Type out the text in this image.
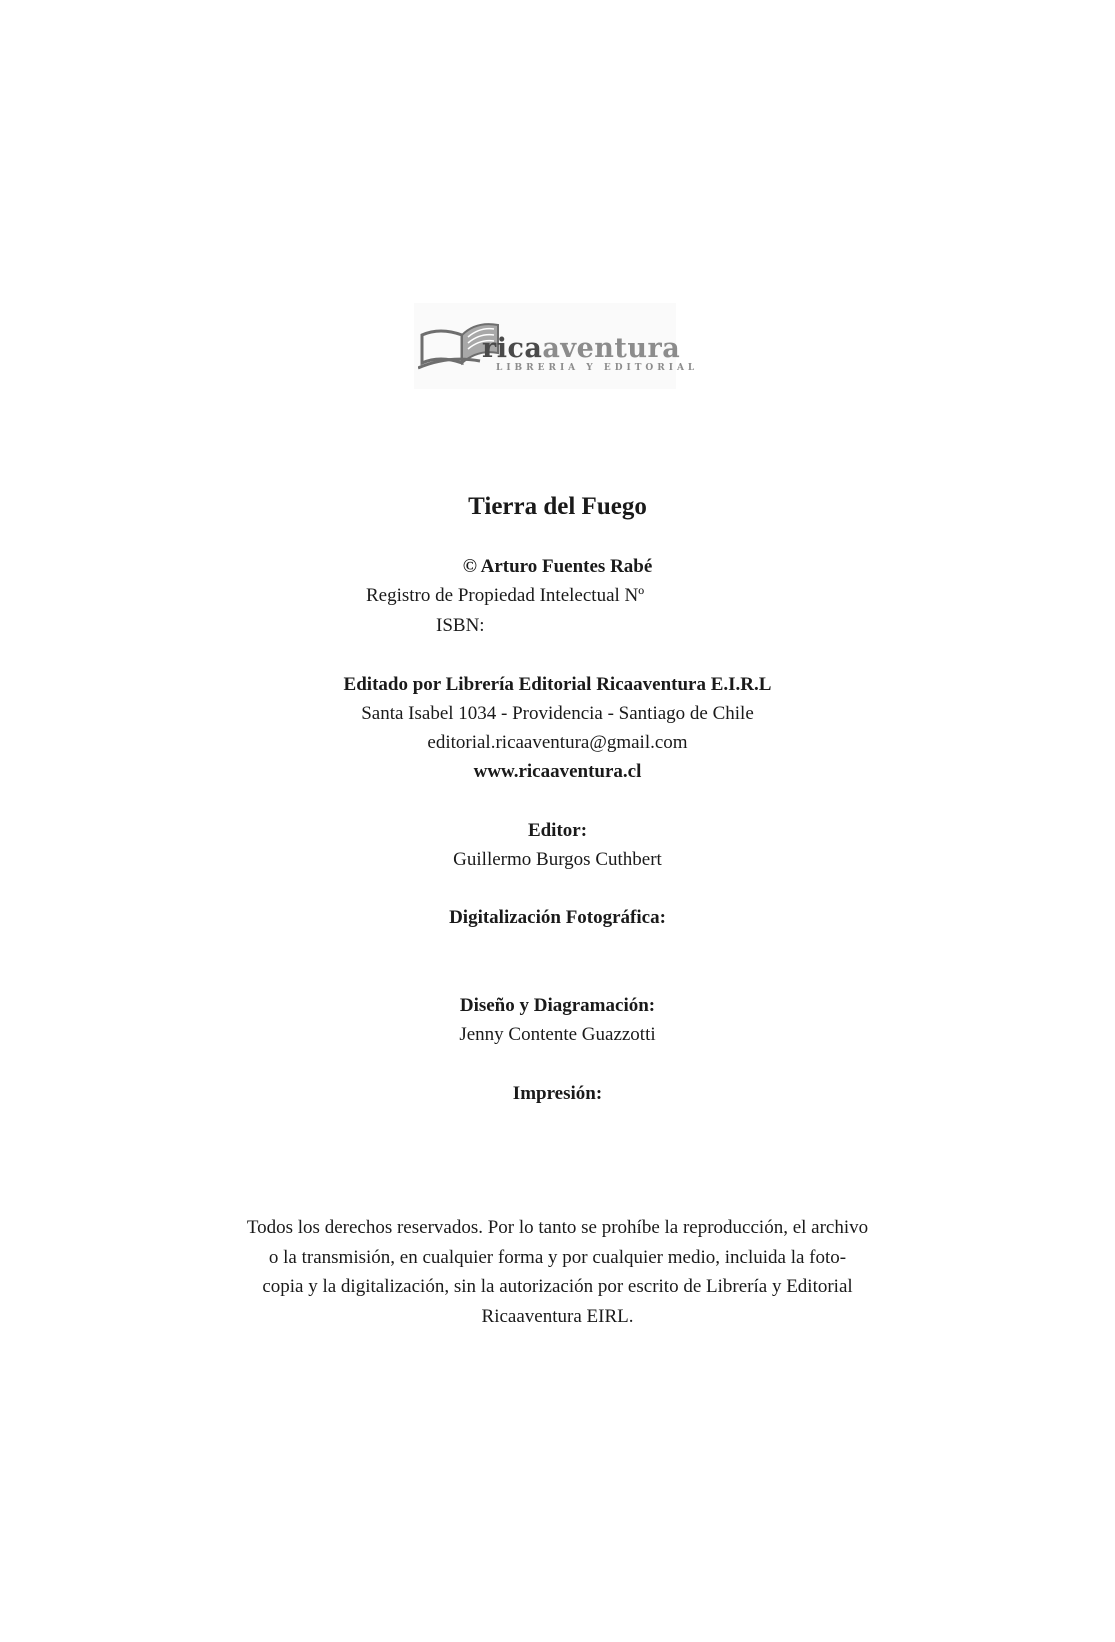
ricaaventura
LIBRERIA Y EDITORIAL
Tierra del Fuego
© Arturo Fuentes Rabé
Registro de Propiedad Intelectual Nº
ISBN:
Editado por Librería Editorial Ricaaventura E.I.R.L
Santa Isabel 1034 - Providencia - Santiago de Chile
editorial.ricaaventura@gmail.com
www.ricaaventura.cl
Editor:
Guillermo Burgos Cuthbert
Digitalización Fotográfica:
Diseño y Diagramación:
Jenny Contente Guazzotti
Impresión:
Todos los derechos reservados. Por lo tanto se prohíbe la reproducción, el archivo
o la transmisión, en cualquier forma y por cualquier medio, incluida la foto-
copia y la digitalización, sin la autorización por escrito de Librería y Editorial
Ricaaventura EIRL.
